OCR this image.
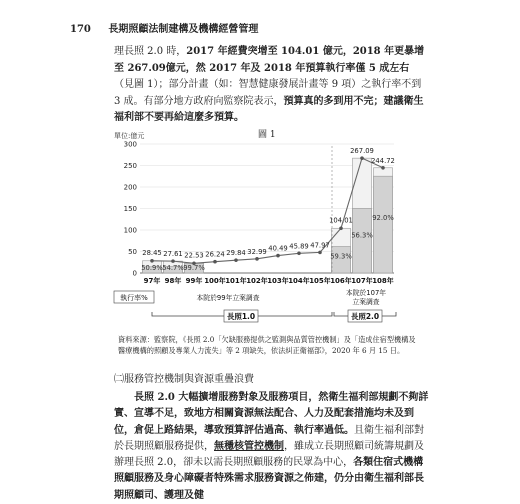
170 長期照顧法制建構及機構經營管理

理長照 2.0 時，2017 年經費突增至 104.01 億元，2018 年更暴增至 267.09億元，然 2017 年及 2018 年預算執行率僅 5 成左右（見圖 1）；部分計畫（如：智慧健康發展計畫等 9 項）之執行率不到 3 成。有部分地方政府向監察院表示，預算真的多到用不完；建議衛生福利部不要再給這麼多預算。

圖 1
單位:億元
0
50
100
150
200
250
300
28.45 27.61 22.53 26.24 29.84 32.99 40.49 45.89 47.97
104.01
267.09
244.72
50.9% 54.7% 99.7%
59.3%
56.3%
92.0%
97年 98年 99年 100年 101年 102年 103年 104年 105年 106年 107年 108年
執行率%	本院於99年立案調查
本院於107年
立案調查
長照1.0	長照2.0
資料來源：監察院，《長照 2.0「欠缺服務提供之監測與品質管控機制」及「造成住宿型機構及醫療機構的照顧及專業人力流失」等 2 項缺失，依法糾正衛福部》，2020 年 6 月 15 日。
㈡服務管控機制與資源重疊浪費

長照 2.0 大幅擴增服務對象及服務項目，然衛生福利部規劃不夠詳實、宣導不足，致地方相關資源無法配合、人力及配套措施均未及到位，倉促上路結果，導致預算評估過高、執行率過低。且衛生福利部對於長期照顧服務提供，無穩核管控機制，雖成立長期照顧司統籌規劃及辦理長照 2.0，卻未以需長期照顧服務的民眾為中心，各類住宿式機構照顧服務及身心障礙者特殊需求服務資源之佈建，仍分由衛生福利部長期照顧司、護理及健
